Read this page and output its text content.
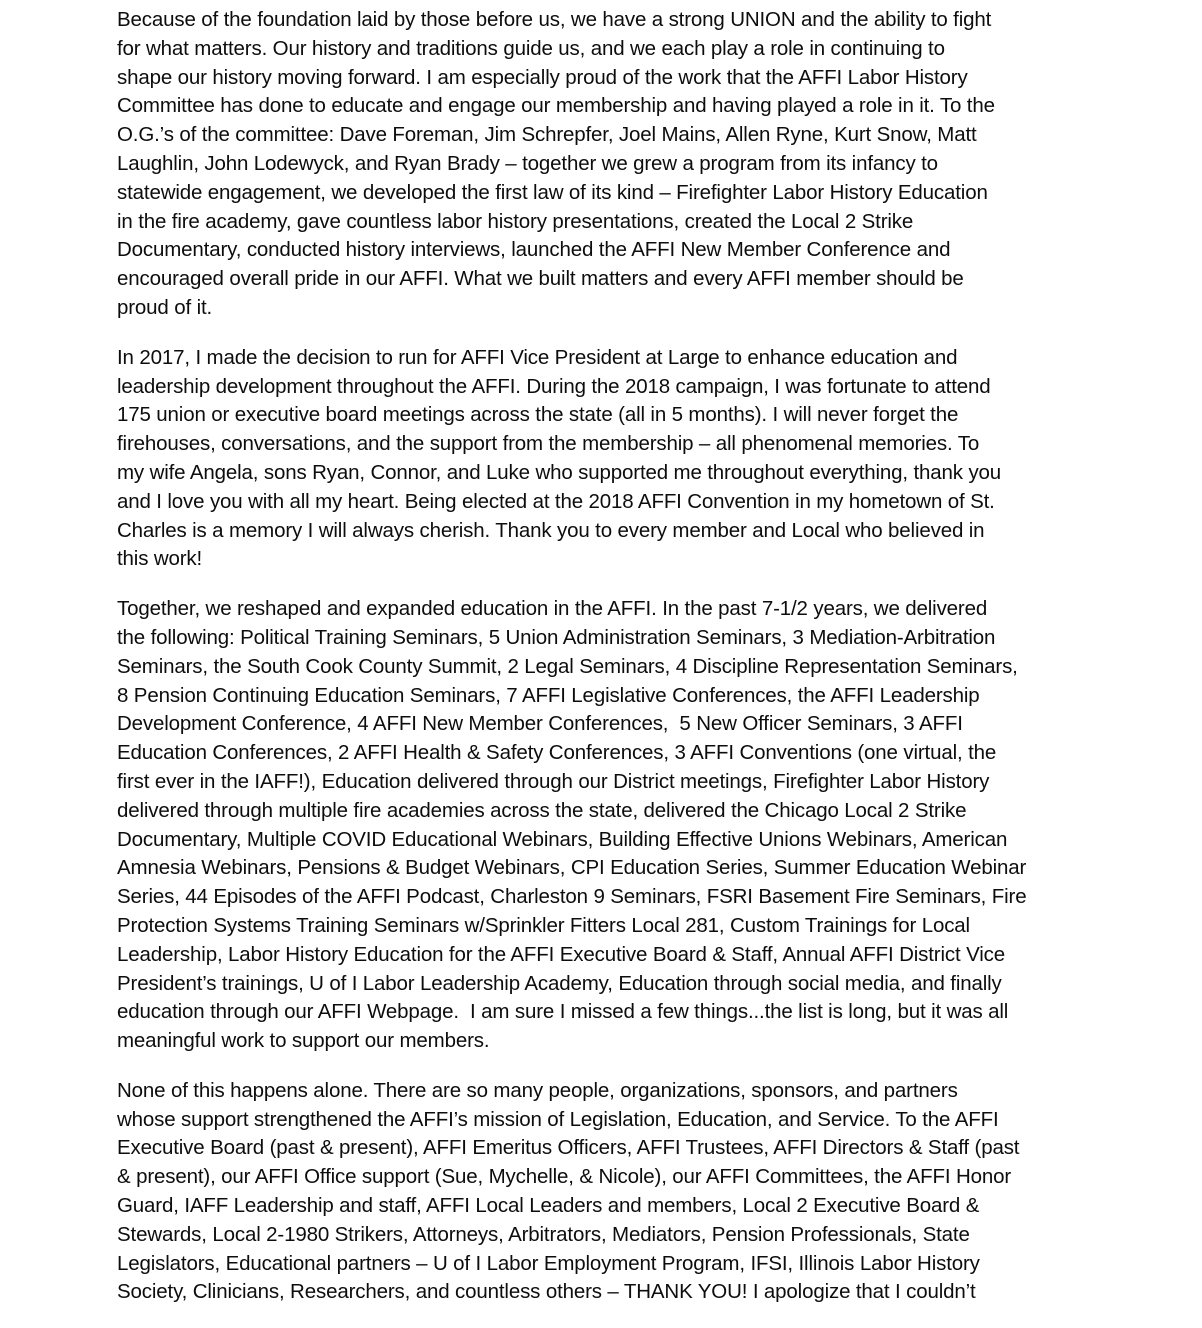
Because of the foundation laid by those before us, we have a strong UNION and the ability to fight
for what matters. Our history and traditions guide us, and we each play a role in continuing to
shape our history moving forward. I am especially proud of the work that the AFFI Labor History
Committee has done to educate and engage our membership and having played a role in it. To the
O.G.’s of the committee: Dave Foreman, Jim Schrepfer, Joel Mains, Allen Ryne, Kurt Snow, Matt
Laughlin, John Lodewyck, and Ryan Brady – together we grew a program from its infancy to
statewide engagement, we developed the first law of its kind – Firefighter Labor History Education
in the fire academy, gave countless labor history presentations, created the Local 2 Strike
Documentary, conducted history interviews, launched the AFFI New Member Conference and
encouraged overall pride in our AFFI. What we built matters and every AFFI member should be
proud of it.

In 2017, I made the decision to run for AFFI Vice President at Large to enhance education and
leadership development throughout the AFFI. During the 2018 campaign, I was fortunate to attend
175 union or executive board meetings across the state (all in 5 months). I will never forget the
firehouses, conversations, and the support from the membership – all phenomenal memories. To
my wife Angela, sons Ryan, Connor, and Luke who supported me throughout everything, thank you
and I love you with all my heart. Being elected at the 2018 AFFI Convention in my hometown of St.
Charles is a memory I will always cherish. Thank you to every member and Local who believed in
this work!

Together, we reshaped and expanded education in the AFFI. In the past 7-1/2 years, we delivered
the following: Political Training Seminars, 5 Union Administration Seminars, 3 Mediation-Arbitration
Seminars, the South Cook County Summit, 2 Legal Seminars, 4 Discipline Representation Seminars,
8 Pension Continuing Education Seminars, 7 AFFI Legislative Conferences, the AFFI Leadership
Development Conference, 4 AFFI New Member Conferences,  5 New Officer Seminars, 3 AFFI
Education Conferences, 2 AFFI Health & Safety Conferences, 3 AFFI Conventions (one virtual, the
first ever in the IAFF!), Education delivered through our District meetings, Firefighter Labor History
delivered through multiple fire academies across the state, delivered the Chicago Local 2 Strike
Documentary, Multiple COVID Educational Webinars, Building Effective Unions Webinars, American
Amnesia Webinars, Pensions & Budget Webinars, CPI Education Series, Summer Education Webinar
Series, 44 Episodes of the AFFI Podcast, Charleston 9 Seminars, FSRI Basement Fire Seminars, Fire
Protection Systems Training Seminars w/Sprinkler Fitters Local 281, Custom Trainings for Local
Leadership, Labor History Education for the AFFI Executive Board & Staff, Annual AFFI District Vice
President’s trainings, U of I Labor Leadership Academy, Education through social media, and finally
education through our AFFI Webpage.  I am sure I missed a few things...the list is long, but it was all
meaningful work to support our members.

None of this happens alone. There are so many people, organizations, sponsors, and partners
whose support strengthened the AFFI’s mission of Legislation, Education, and Service. To the AFFI
Executive Board (past & present), AFFI Emeritus Officers, AFFI Trustees, AFFI Directors & Staff (past
& present), our AFFI Office support (Sue, Mychelle, & Nicole), our AFFI Committees, the AFFI Honor
Guard, IAFF Leadership and staff, AFFI Local Leaders and members, Local 2 Executive Board &
Stewards, Local 2-1980 Strikers, Attorneys, Arbitrators, Mediators, Pension Professionals, State
Legislators, Educational partners – U of I Labor Employment Program, IFSI, Illinois Labor History
Society, Clinicians, Researchers, and countless others – THANK YOU! I apologize that I couldn’t
